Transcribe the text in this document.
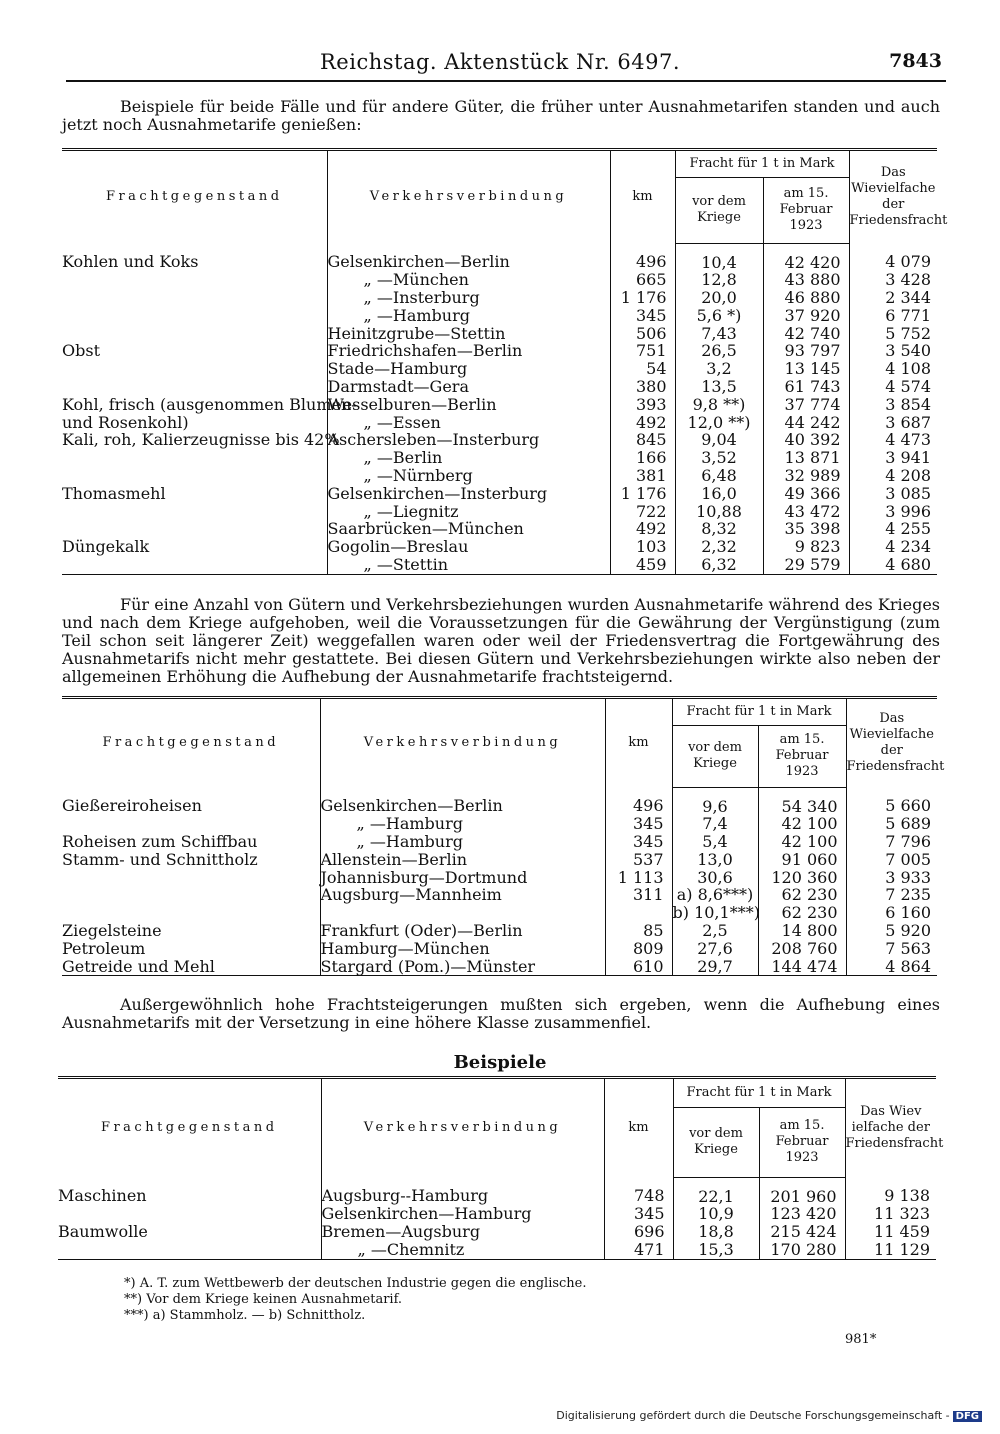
Reichstag. Aktenstück Nr. 6497.	7843

Beispiele für beide Fälle und für andere Güter, die früher unter Ausnahmetarifen standen und auch jetzt noch Ausnahmetarife genießen:

Frachtgegenstand	Verkehrsverbindung	km	Fracht für 1 t in Mark		Das Wievielfache der Friedensfracht
			vor dem Kriege	am 15. Februar 1923	
Kohlen und Koks	Gelsenkirchen—Berlin	496	10,4	42 420	4 079
	„ —München	665	12,8	43 880	3 428
	„ —Insterburg	1 176	20,0	46 880	2 344
	„ —Hamburg	345	5,6 *)	37 920	6 771
	Heinitzgrube—Stettin	506	7,43	42 740	5 752
Obst	Friedrichshafen—Berlin	751	26,5	93 797	3 540
	Stade—Hamburg	54	3,2	13 145	4 108
	Darmstadt—Gera	380	13,5	61 743	4 574
Kohl, frisch (ausgenommen Blumen-	Wesselburen—Berlin	393	9,8 **)	37 774	3 854
und Rosenkohl)	„ —Essen	492	12,0 **)	44 242	3 687
Kali, roh, Kalierzeugnisse bis 42%	Aschersleben—Insterburg	845	9,04	40 392	4 473
	„ —Berlin	166	3,52	13 871	3 941
	„ —Nürnberg	381	6,48	32 989	4 208
Thomasmehl	Gelsenkirchen—Insterburg	1 176	16,0	49 366	3 085
	„ —Liegnitz	722	10,88	43 472	3 996
	Saarbrücken—München	492	8,32	35 398	4 255
Düngekalk	Gogolin—Breslau	103	2,32	9 823	4 234
	„ —Stettin	459	6,32	29 579	4 680

Für eine Anzahl von Gütern und Verkehrsbeziehungen wurden Ausnahmetarife während des Krieges und nach dem Kriege aufgehoben, weil die Voraussetzungen für die Gewährung der Vergünstigung (zum Teil schon seit längerer Zeit) weggefallen waren oder weil der Friedensvertrag die Fortgewährung des Ausnahmetarifs nicht mehr gestattete. Bei diesen Gütern und Verkehrsbeziehungen wirkte also neben der allgemeinen Erhöhung die Aufhebung der Ausnahmetarife frachtsteigernd.

Frachtgegenstand	Verkehrsverbindung	km	Fracht für 1 t in Mark		Das Wievielfache der Friedensfracht
			vor dem Kriege	am 15. Februar 1923	
Gießereiroheisen	Gelsenkirchen—Berlin	496	9,6	54 340	5 660
	„ —Hamburg	345	7,4	42 100	5 689
Roheisen zum Schiffbau	„ —Hamburg	345	5,4	42 100	7 796
Stamm- und Schnittholz	Allenstein—Berlin	537	13,0	91 060	7 005
	Johannisburg—Dortmund	1 113	30,6	120 360	3 933
	Augsburg—Mannheim	311	a) 8,6***)	62 230	7 235
			b) 10,1***)	62 230	6 160
Ziegelsteine	Frankfurt (Oder)—Berlin	85	2,5	14 800	5 920
Petroleum	Hamburg—München	809	27,6	208 760	7 563
Getreide und Mehl	Stargard (Pom.)—Münster	610	29,7	144 474	4 864

Außergewöhnlich hohe Frachtsteigerungen mußten sich ergeben, wenn die Aufhebung eines Ausnahmetarifs mit der Versetzung in eine höhere Klasse zusammenfiel.

Beispiele
Frachtgegenstand	Verkehrsverbindung	km	Fracht für 1 t in Mark		Das Wiev ielfache der Friedensfracht
			vor dem Kriege	am 15. Februar 1923	
Maschinen	Augsburg--Hamburg	748	22,1	201 960	9 138
	Gelsenkirchen—Hamburg	345	10,9	123 420	11 323
Baumwolle	Bremen—Augsburg	696	18,8	215 424	11 459
	„ —Chemnitz	471	15,3	170 280	11 129
*) A. T. zum Wettbewerb der deutschen Industrie gegen die englische.
**) Vor dem Kriege keinen Ausnahmetarif.
***) a) Stammholz. — b) Schnittholz.
981*
Digitalisierung gefördert durch die Deutsche Forschungsgemeinschaft - DFG
